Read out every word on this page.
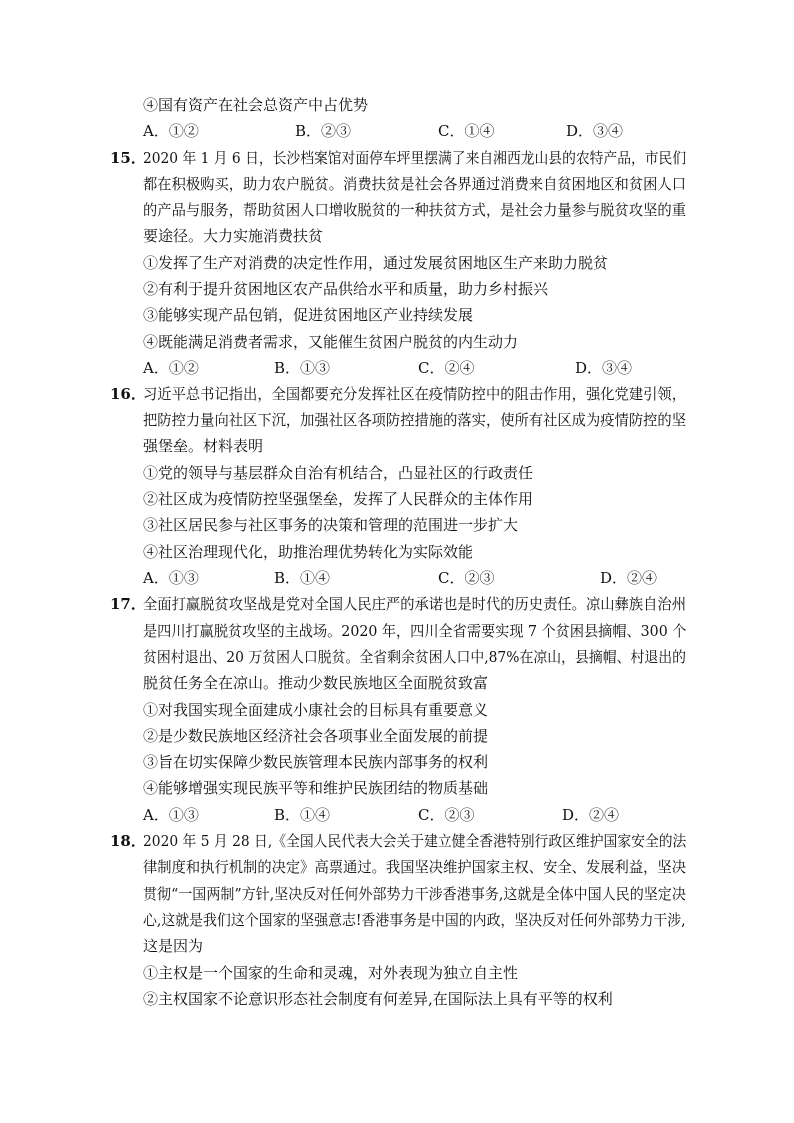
④国有资产在社会总资产中占优势
A．①②	B．②③	C．①④	D．③④
15．
2020 年 1 月 6 日，长沙档案馆对面停车坪里摆满了来自湘西龙山县的农特产品，市民们
都在积极购买，助力农户脱贫。消费扶贫是社会各界通过消费来自贫困地区和贫困人口
的产品与服务，帮助贫困人口增收脱贫的一种扶贫方式，是社会力量参与脱贫攻坚的重
要途径。大力实施消费扶贫
①发挥了生产对消费的决定性作用，通过发展贫困地区生产来助力脱贫
②有利于提升贫困地区农产品供给水平和质量，助力乡村振兴
③能够实现产品包销，促进贫困地区产业持续发展
④既能满足消费者需求，又能催生贫困户脱贫的内生动力
A．①②	B．①③	C．②④	D．③④
16．
习近平总书记指出，全国都要充分发挥社区在疫情防控中的阻击作用，强化党建引领，
把防控力量向社区下沉，加强社区各项防控措施的落实，使所有社区成为疫情防控的坚
强堡垒。材料表明
①党的领导与基层群众自治有机结合，凸显社区的行政责任
②社区成为疫情防控坚强堡垒，发挥了人民群众的主体作用
③社区居民参与社区事务的决策和管理的范围进一步扩大
④社区治理现代化，助推治理优势转化为实际效能
A．①③	B．①④	C．②③	D．②④
17．
全面打赢脱贫攻坚战是党对全国人民庄严的承诺也是时代的历史责任。凉山彝族自治州
是四川打赢脱贫攻坚的主战场。2020 年，四川全省需要实现 7 个贫困县摘帽、300 个
贫困村退出、20 万贫困人口脱贫。全省剩余贫困人口中,87%在凉山，县摘帽、村退出的
脱贫任务全在凉山。推动少数民族地区全面脱贫致富
①对我国实现全面建成小康社会的目标具有重要意义
②是少数民族地区经济社会各项事业全面发展的前提
③旨在切实保障少数民族管理本民族内部事务的权利
④能够增强实现民族平等和维护民族团结的物质基础
A．①③	B．①④	C．②③	D．②④
18．
2020 年 5 月 28 日,《全国人民代表大会关于建立健全香港特别行政区维护国家安全的法
律制度和执行机制的决定》高票通过。我国坚决维护国家主权、安全、发展利益，坚决
贯彻“一国两制”方针,坚决反对任何外部势力干涉香港事务,这就是全体中国人民的坚定决
心,这就是我们这个国家的坚强意志!香港事务是中国的内政，坚决反对任何外部势力干涉,
这是因为
①主权是一个国家的生命和灵魂，对外表现为独立自主性
②主权国家不论意识形态社会制度有何差异,在国际法上具有平等的权利
